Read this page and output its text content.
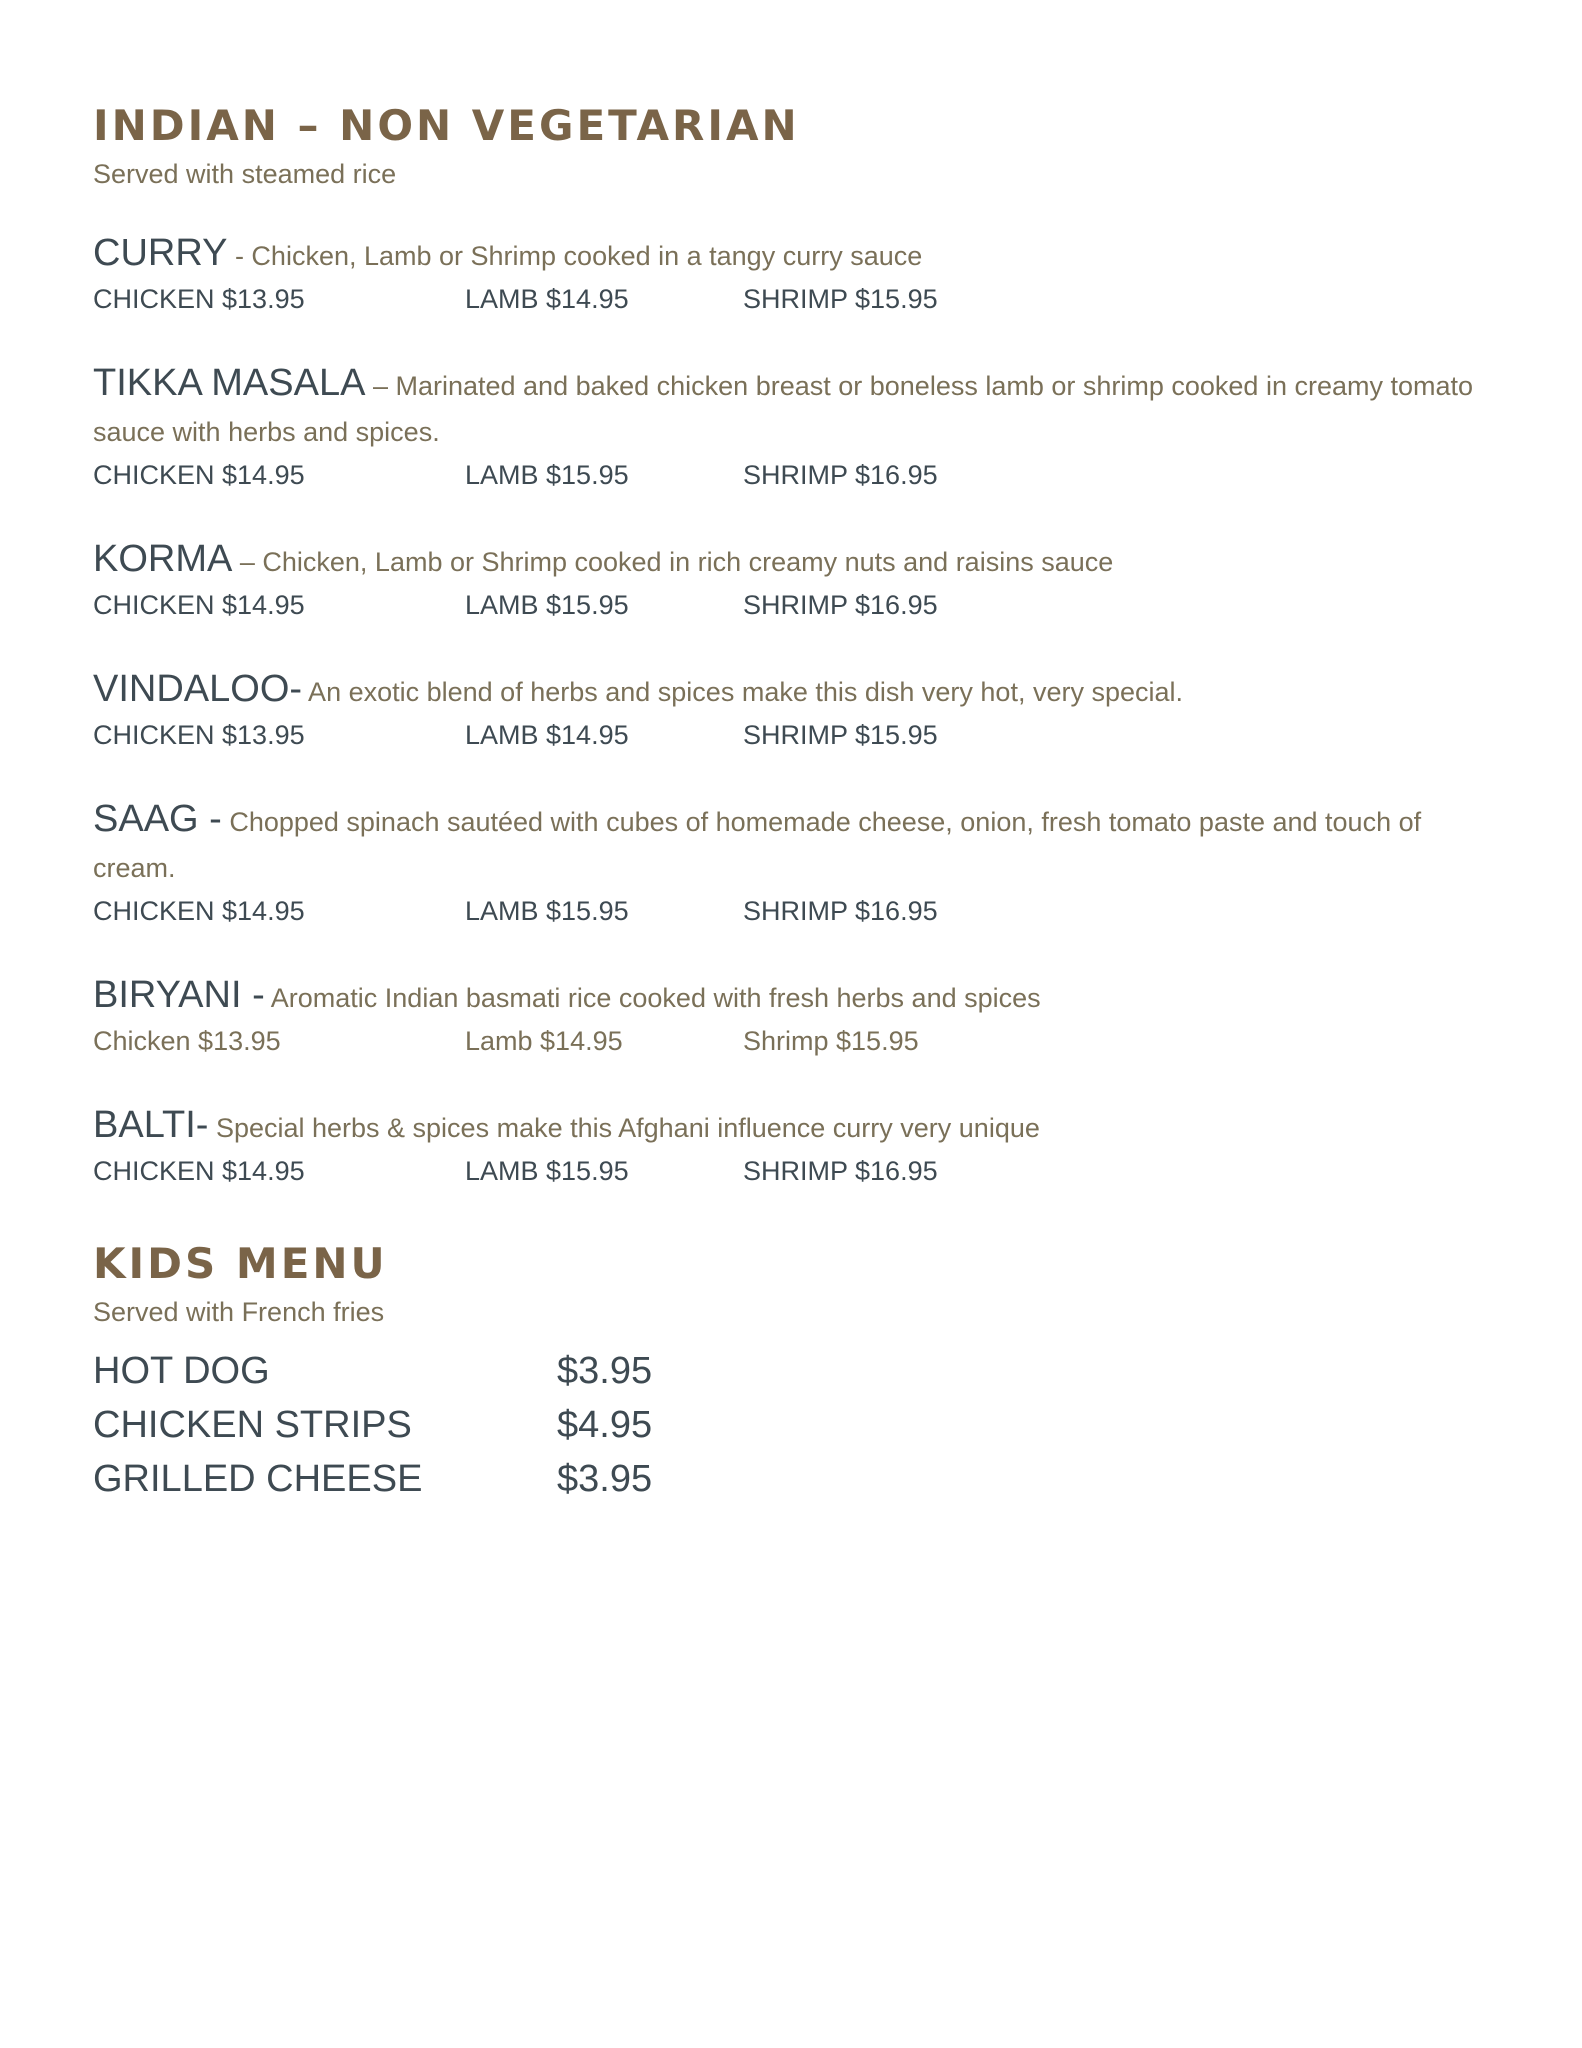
INDIAN – NON VEGETARIAN

Served with steamed rice

CURRY - Chicken, Lamb or Shrimp cooked in a tangy curry sauce
CHICKEN $13.95	LAMB $14.95	SHRIMP $15.95
TIKKA MASALA – Marinated and baked chicken breast or boneless lamb or shrimp cooked in creamy tomato sauce with herbs and spices.
CHICKEN $14.95	LAMB $15.95	SHRIMP $16.95
KORMA – Chicken, Lamb or Shrimp cooked in rich creamy nuts and raisins sauce
CHICKEN $14.95	LAMB $15.95	SHRIMP $16.95
VINDALOO- An exotic blend of herbs and spices make this dish very hot, very special.
CHICKEN $13.95	LAMB $14.95	SHRIMP $15.95
SAAG - Chopped spinach sautéed with cubes of homemade cheese, onion, fresh tomato paste and touch of cream.
CHICKEN $14.95	LAMB $15.95	SHRIMP $16.95
BIRYANI - Aromatic Indian basmati rice cooked with fresh herbs and spices
Chicken $13.95	Lamb $14.95	Shrimp $15.95
BALTI- Special herbs & spices make this Afghani influence curry very unique
CHICKEN $14.95	LAMB $15.95	SHRIMP $16.95
KIDS MENU

Served with French fries

HOT DOG	$3.95
CHICKEN STRIPS	$4.95
GRILLED CHEESE	$3.95
